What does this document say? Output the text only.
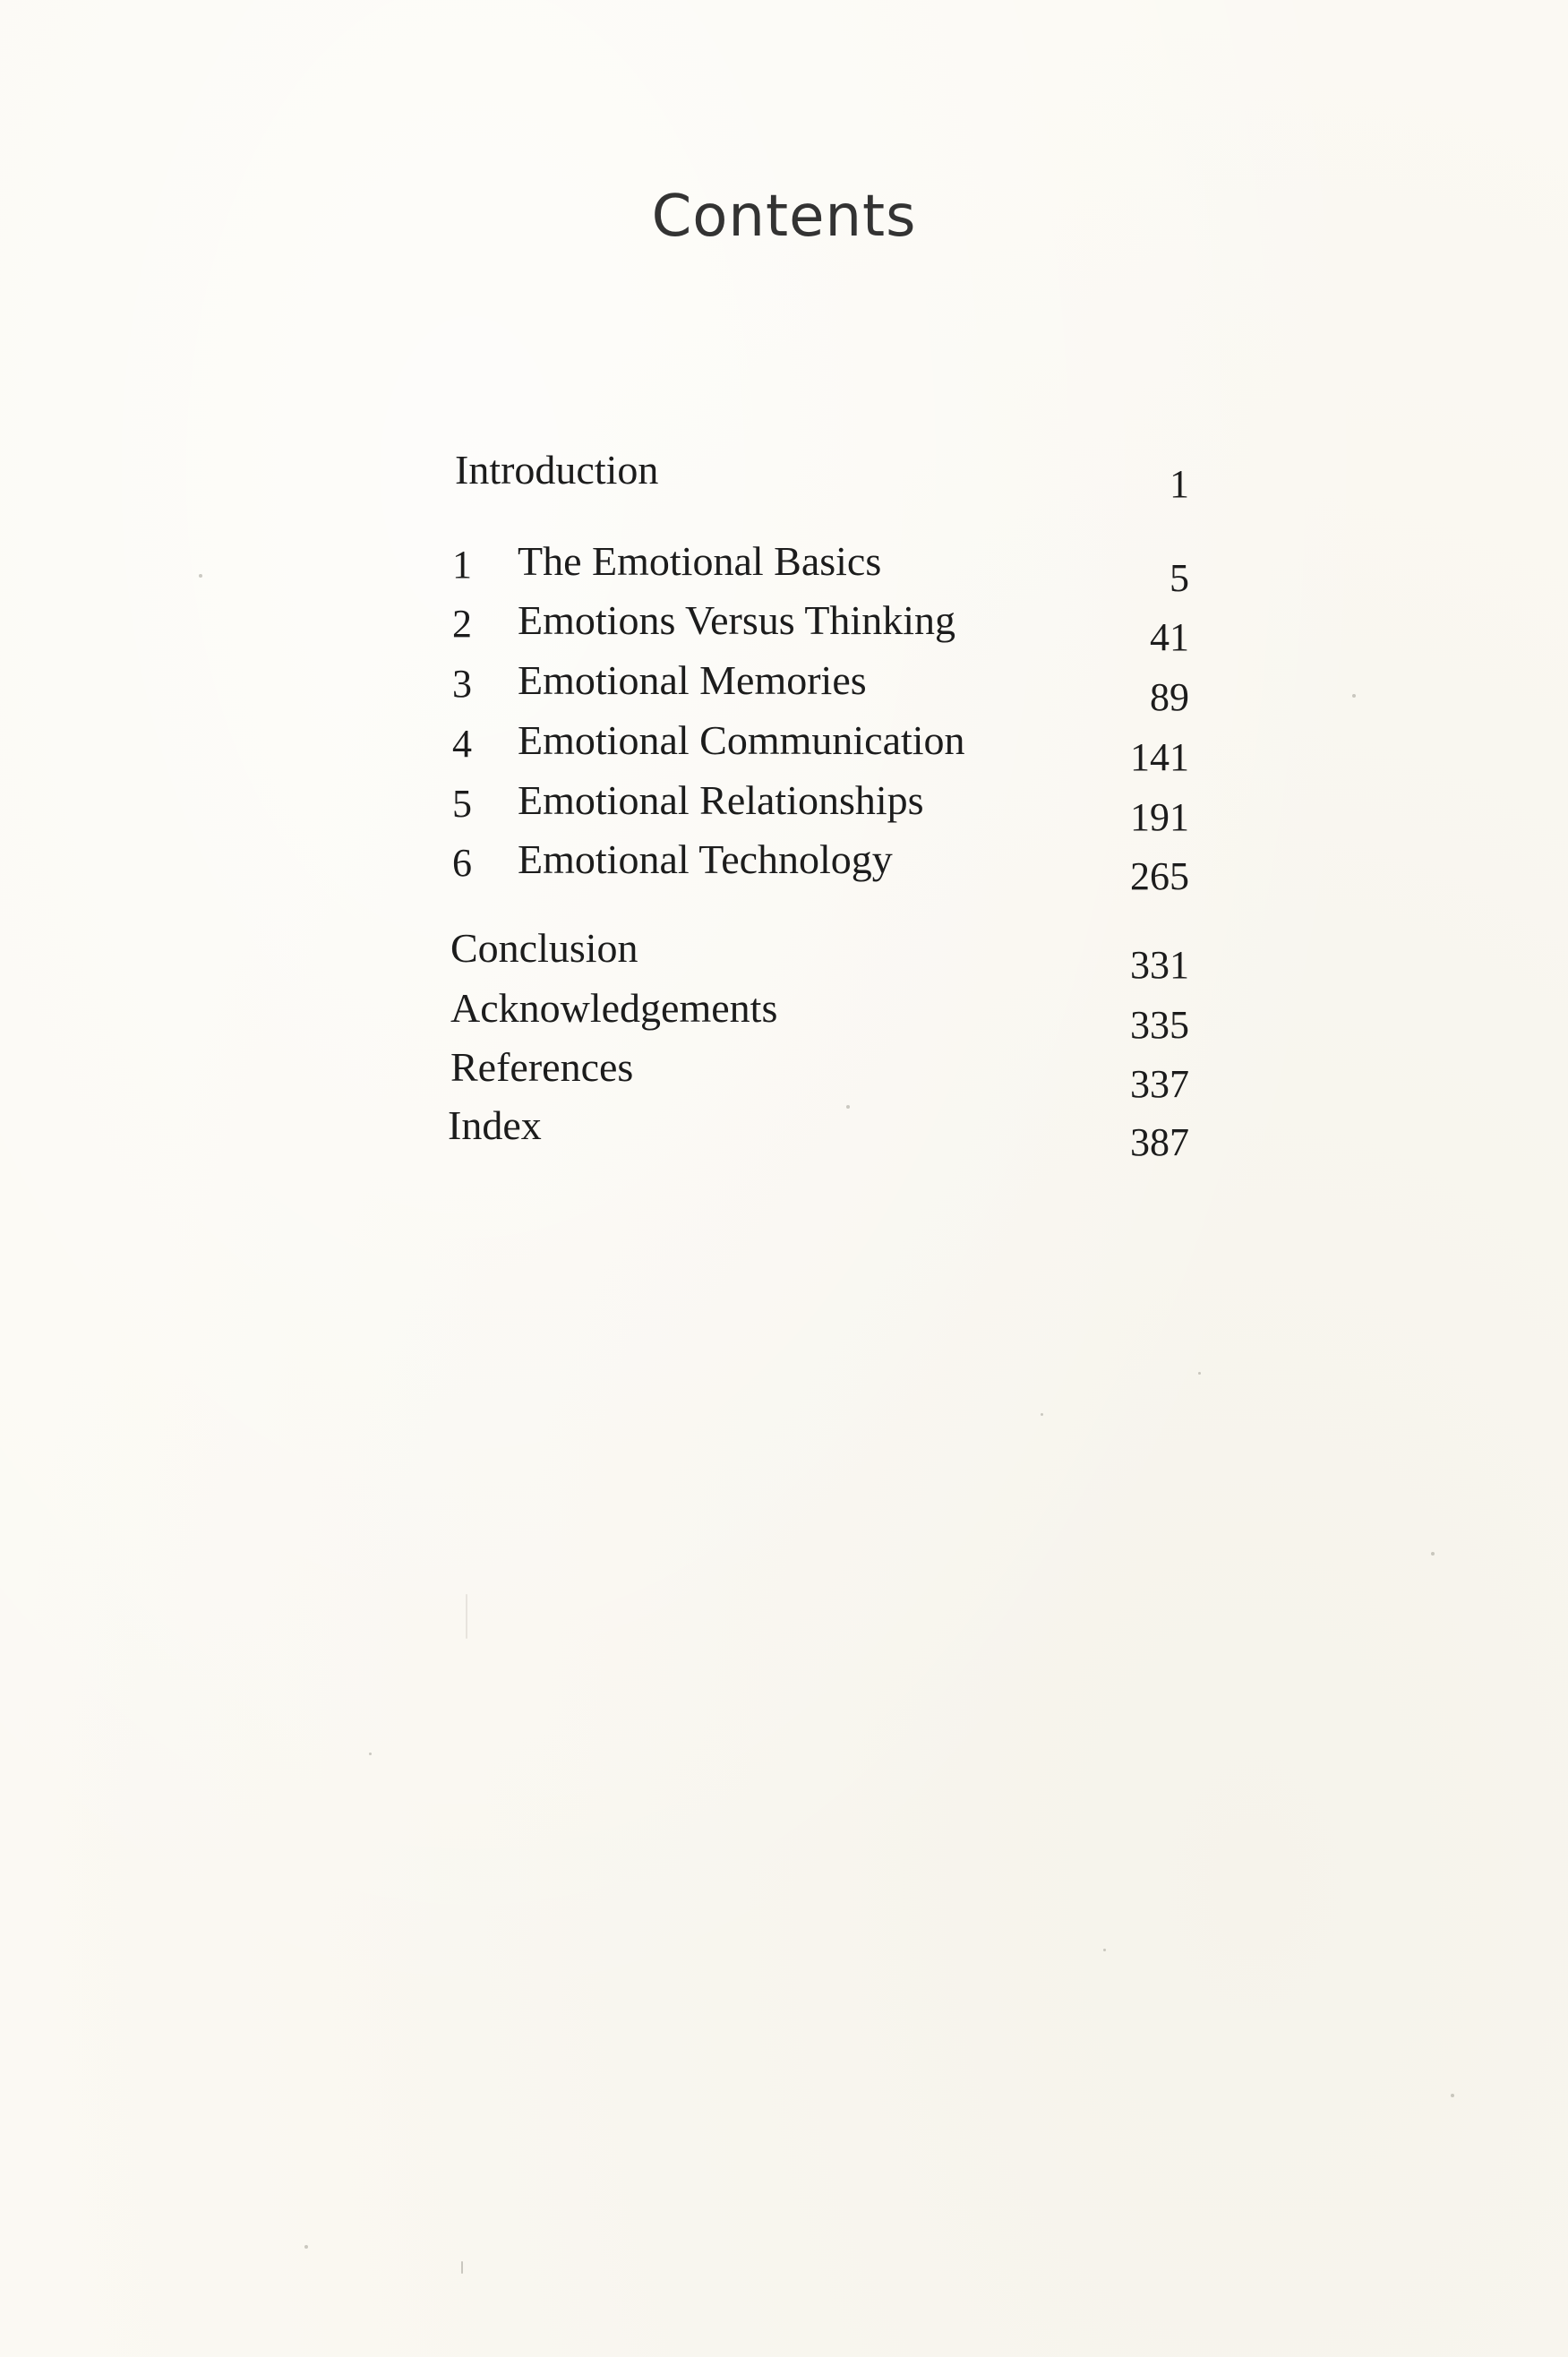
Contents
Introduction	1
1 The Emotional Basics	5
2 Emotions Versus Thinking	41
3 Emotional Memories	89
4 Emotional Communication	141
5 Emotional Relationships	191
6 Emotional Technology	265
Conclusion	331
Acknowledgements	335
References	337
Index	387
